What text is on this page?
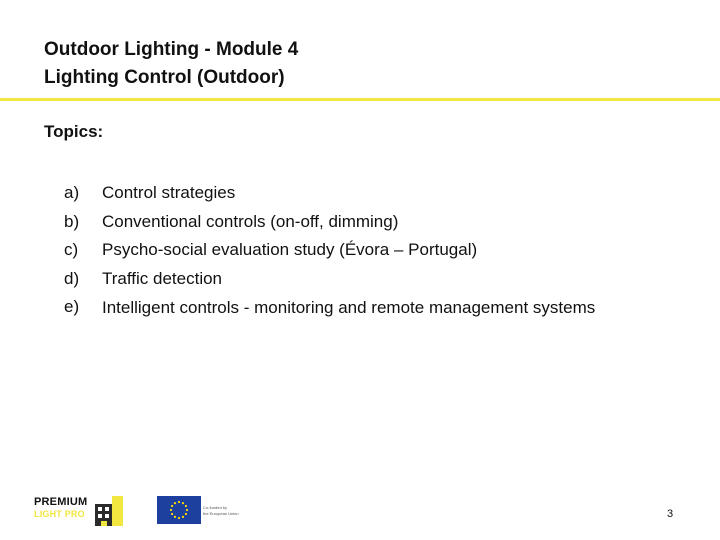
Outdoor Lighting - Module 4
Lighting Control (Outdoor)
Topics:
a)	Control strategies
b)	Conventional controls (on-off, dimming)
c)	Psycho-social evaluation study (Évora – Portugal)
d)	Traffic detection
e)	Intelligent controls - monitoring and remote management systems
PREMIUM
LIGHT PRO
Co-funded by
the European Union	3
